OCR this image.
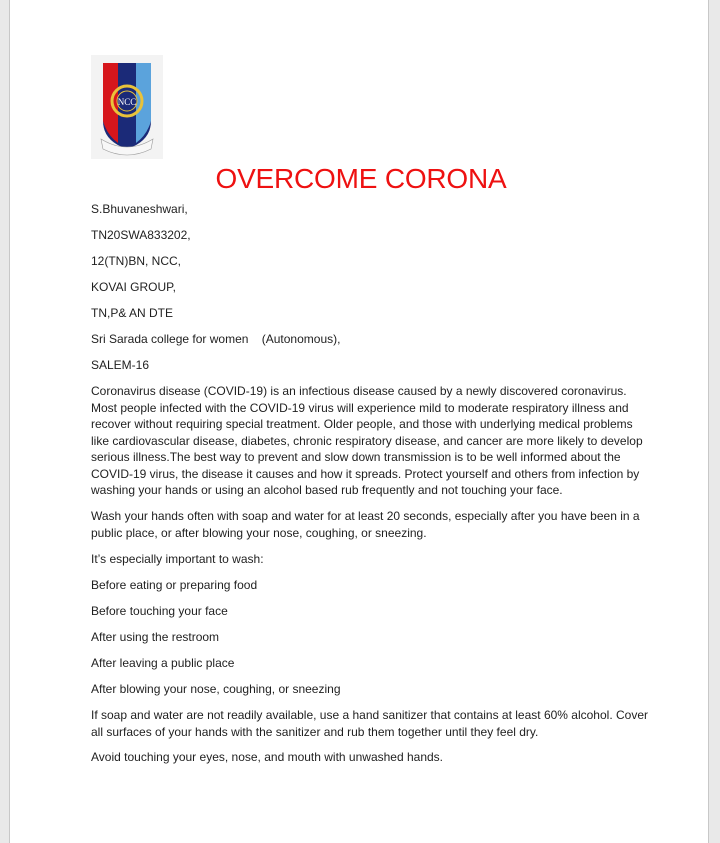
NCC
OVERCOME CORONA

S.Bhuvaneshwari,

TN20SWA833202,

12(TN)BN, NCC,

KOVAI GROUP,

TN,P& AN DTE

Sri Sarada college for women    (Autonomous),

SALEM-16

Coronavirus disease (COVID-19) is an infectious disease caused by a newly discovered coronavirus. Most people infected with the COVID-19 virus will experience mild to moderate respiratory illness and recover without requiring special treatment. Older people, and those with underlying medical problems like cardiovascular disease, diabetes, chronic respiratory disease, and cancer are more likely to develop serious illness.The best way to prevent and slow down transmission is to be well informed about the COVID-19 virus, the disease it causes and how it spreads. Protect yourself and others from infection by washing your hands or using an alcohol based rub frequently and not touching your face.

Wash your hands often with soap and water for at least 20 seconds, especially after you have been in a public place, or after blowing your nose, coughing, or sneezing.

It’s especially important to wash:

Before eating or preparing food

Before touching your face

After using the restroom

After leaving a public place

After blowing your nose, coughing, or sneezing

If soap and water are not readily available, use a hand sanitizer that contains at least 60% alcohol. Cover all surfaces of your hands with the sanitizer and rub them together until they feel dry.

Avoid touching your eyes, nose, and mouth with unwashed hands.
